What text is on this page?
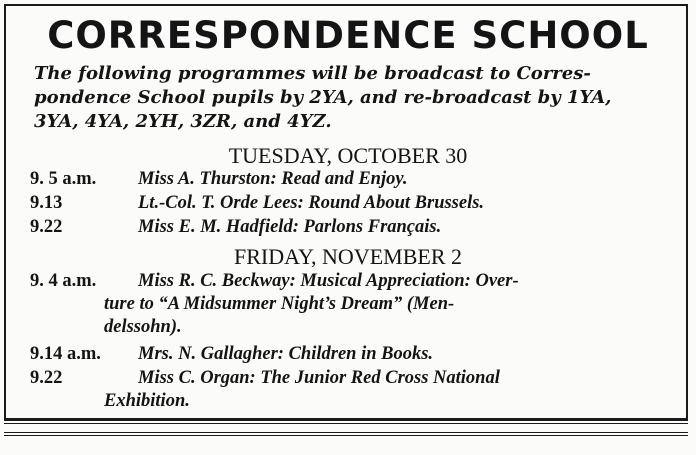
CORRESPONDENCE SCHOOL
The following programmes will be broadcast to Corres-
pondence School pupils by 2YA, and re-broadcast by 1YA,
3YA, 4YA, 2YH, 3ZR, and 4YZ.
TUESDAY, OCTOBER 30
9. 5 a.m. Miss A. Thurston: Read and Enjoy.
9.13	Lt.-Col. T. Orde Lees: Round About Brussels.
9.22	Miss E. M. Hadfield: Parlons Français.
FRIDAY, NOVEMBER 2
9. 4 a.m. Miss R. C. Beckway: Musical Appreciation: Over-
ture to “A Midsummer Night’s Dream” (Men-
delssohn).
9.14 a.m. Mrs. N. Gallagher: Children in Books.
9.22	Miss C. Organ: The Junior Red Cross National
Exhibition.
